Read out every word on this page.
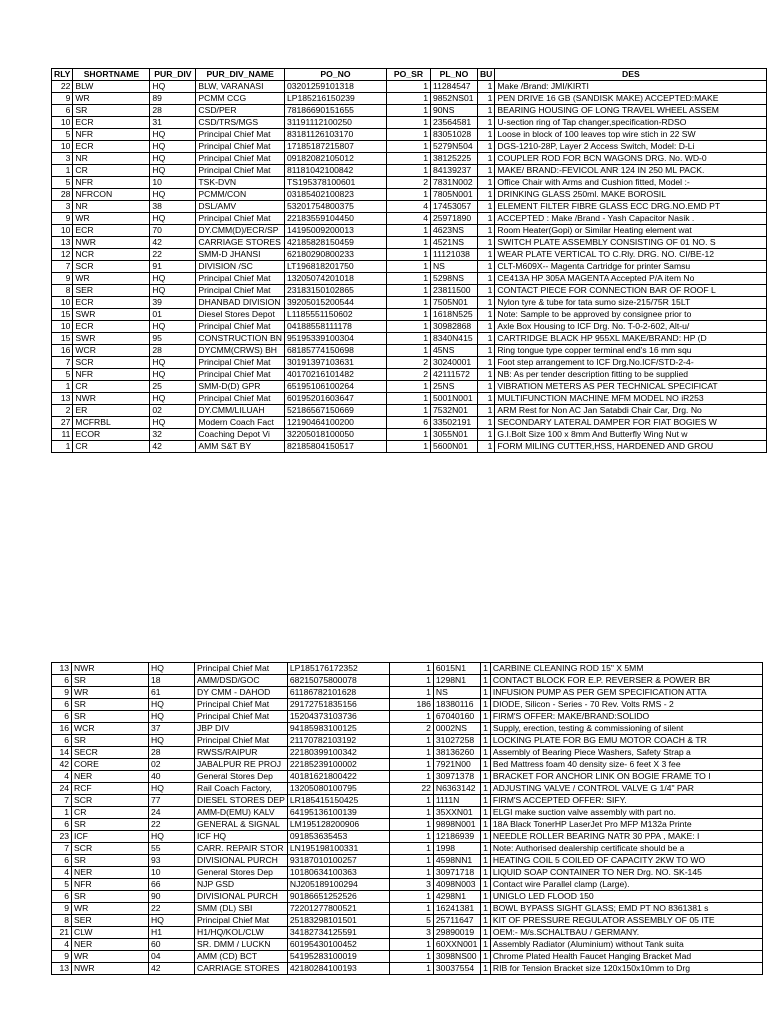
RLY	SHORTNAME	PUR_DIV	PUR_DIV_NAME	PO_NO	PO_SR	PL_NO	BU	DES
22	BLW	HQ	BLW, VARANASI	03201259101318	1	11284547	1	Make /Brand: JMI/KIRTI
9	WR	89	PCMM CCG	LP185216150239	1	9852NS01	1	PEN DRIVE 16 GB (SANDISK MAKE) ACCEPTED:MAKE
6	SR	28	CSD/PER	78186690151655	1	90NS	1	BEARING HOUSING OF LONG TRAVEL WHEEL ASSEM
10	ECR	31	CSD/TRS/MGS	31191112100250	1	23564581	1	U-section ring of Tap changer,specification-RDSO
5	NFR	HQ	Principal Chief Mat	83181126103170	1	83051028	1	Loose in block of 100 leaves top wire stich in 22 SW
10	ECR	HQ	Principal Chief Mat	17185187215807	1	5279N504	1	DGS-1210-28P, Layer 2 Access Switch, Model: D-Li
3	NR	HQ	Principal Chief Mat	09182082105012	1	38125225	1	COUPLER ROD FOR BCN WAGONS DRG. No. WD-0
1	CR	HQ	Principal Chief Mat	81181042100842	1	84139237	1	MAKE/ BRAND:-FEVICOL ANR 124 IN 250 ML PACK.
5	NFR	10	TSK-DVN	TS195378100601	2	7831N002	1	Office Chair with Arms and Cushion fitted, Model :-
28	NFRCON	HQ	PCMM/CON	03185402100823	1	7805N001	1	DRINKING GLASS 250ml. MAKE BOROSIL
3	NR	38	DSL/AMV	53201754800375	4	17453057	1	ELEMENT FILTER FIBRE GLASS ECC DRG.NO.EMD PT
9	WR	HQ	Principal Chief Mat	22183559104450	4	25971890	1	ACCEPTED : Make /Brand - Yash Capacitor Nasik .
10	ECR	70	DY.CMM(D)/ECR/SP	14195009200013	1	4623NS	1	Room Heater(Gopi) or Similar Heating element wat
13	NWR	42	CARRIAGE STORES	42185828150459	1	4521NS	1	SWITCH PLATE ASSEMBLY CONSISTING OF 01 NO. S
12	NCR	22	SMM-D JHANSI	62180290800233	1	11121038	1	WEAR PLATE VERTICAL TO C.Rly. DRG. NO. CI/BE-12
7	SCR	91	DIVISION /SC	LT196818201750	1	NS	1	CLT-M609X-- Magenta Cartridge for printer Samsu
9	WR	HQ	Principal Chief Mat	13205074201018	1	5298NS	1	CE413A HP 305A MAGENTA Accepted P/A item No
8	SER	HQ	Principal Chief Mat	23183150102865	1	23811500	1	CONTACT PIECE FOR CONNECTION BAR OF ROOF L
10	ECR	39	DHANBAD DIVISION	39205015200544	1	7505N01	1	Nylon tyre & tube for tata sumo size-215/75R 15LT
15	SWR	01	Diesel Stores Depot	L1185551150602	1	1618N525	1	Note: Sample to be approved by consignee prior to
10	ECR	HQ	Principal Chief Mat	04188558111178	1	30982868	1	Axle Box Housing to ICF Drg. No. T-0-2-602, Alt-u/
15	SWR	95	CONSTRUCTION BN	95195339100304	1	8340N415	1	CARTRIDGE BLACK HP 955XL MAKE/BRAND: HP (D
16	WCR	28	DYCMM(CRWS) BH	68185774150698	1	45NS	1	Ring tongue type copper terminal end's 16 mm squ
7	SCR	HQ	Principal Chief Mat	30191397103631	2	30240001	1	Foot step arrangement to ICF Drg.No.ICF/STD-2-4-
5	NFR	HQ	Principal Chief Mat	40170216101482	2	42111572	1	NB: As per tender description fitting to be supplied
1	CR	25	SMM-D(D) GPR	65195106100264	1	25NS	1	VIBRATION METERS AS PER TECHNICAL SPECIFICAT
13	NWR	HQ	Principal Chief Mat	60195201603647	1	5001N001	1	MULTIFUNCTION MACHINE MFM MODEL NO iR253
2	ER	02	DY.CMM/LILUAH	52186567150669	1	7532N01	1	ARM Rest for Non AC Jan Satabdi Chair Car, Drg. No
27	MCFRBL	HQ	Modern Coach Fact	12190464100200	6	33502191	1	SECONDARY LATERAL DAMPER FOR FIAT BOGIES W
11	ECOR	32	Coaching Depot Vi	32205018100050	1	3055N01	1	G.I.Bolt Size 100 x 8mm And Butterfly Wing Nut w
1	CR	42	AMM S&T BY	82185804150517	1	5600N01	1	FORM MILING CUTTER,HSS, HARDENED AND GROU
13	NWR	HQ	Principal Chief Mat	LP185176172352	1	6015N1	1	CARBINE CLEANING ROD 15" X 5MM
6	SR	18	AMM/DSD/GOC	68215075800078	1	1298N1	1	CONTACT BLOCK FOR E.P. REVERSER & POWER BR
9	WR	61	DY CMM - DAHOD	61186782101628	1	NS	1	INFUSION PUMP AS PER GEM SPECIFICATION ATTA
6	SR	HQ	Principal Chief Mat	29172751835156	186	18380116	1	DIODE, Silicon - Series - 70 Rev. Volts RMS - 2
6	SR	HQ	Principal Chief Mat	15204373103736	1	67040160	1	FIRM'S OFFER: MAKE/BRAND:SOLIDO
16	WCR	37	JBP DIV	94185983100125	2	0002NS	1	Supply, erection, testing & commissioning of silent
6	SR	HQ	Principal Chief Mat	21170782103192	1	31027258	1	LOCKING PLATE FOR BG EMU MOTOR COACH & TR
14	SECR	28	RWSS/RAIPUR	22180399100342	1	38136260	1	Assembly of Bearing Piece Washers, Safety Strap a
42	CORE	02	JABALPUR RE PROJ	22185239100002	1	7921N00	1	Bed Mattress foam 40 density size- 6 feet X 3 fee
4	NER	40	General Stores Dep	40181621800422	1	30971378	1	BRACKET FOR ANCHOR LINK ON BOGIE FRAME TO I
24	RCF	HQ	Rail Coach Factory,	13205080100795	22	N6363142	1	ADJUSTING VALVE / CONTROL VALVE G 1/4" PAR
7	SCR	77	DIESEL STORES DEP	LR185415150425	1	1111N	1	FIRM'S ACCEPTED OFFER: SIFY.
1	CR	24	AMM-D(EMU) KALV	64195136100139	1	35XXN01	1	ELGI make suction valve assembly with part no.
6	SR	22	GENERAL & SIGNAL	LM195128200906	1	9898N001	1	18A Black TonerHP LaserJet Pro MFP M132a Printe
23	ICF	HQ	ICF HQ	091853635453	1	12186939	1	NEEDLE ROLLER BEARING NATR 30 PPA , MAKE: I
7	SCR	55	CARR. REPAIR STOR	LN195198100331	1	1998	1	Note: Authorised dealership certificate should be a
6	SR	93	DIVISIONAL PURCH	93187010100257	1	4598NN1	1	HEATING COIL 5 COILED OF CAPACITY 2KW TO WO
4	NER	10	General Stores Dep	10180634100363	1	30971718	1	LIQUID SOAP CONTAINER TO NER Drg. NO. SK-145
5	NFR	66	NJP GSD	NJ205189100294	3	4098N003	1	Contact wire Parallel clamp (Large).
6	SR	90	DIVISIONAL PURCH	90186651252526	1	4298N1	1	UNIGLO LED FLOOD 150
9	WR	22	SMM (DL) SBI	72201277800521	1	16241381	1	BOWL BYPASS SIGHT GLASS; EMD PT NO 8361381 s
8	SER	HQ	Principal Chief Mat	25183298101501	5	25711647	1	KIT OF PRESSURE REGULATOR ASSEMBLY OF 05 ITE
21	CLW	H1	H1/HQ/KOL/CLW	34182734125591	3	29890019	1	OEM:- M/s.SCHALTBAU / GERMANY.
4	NER	60	SR. DMM / LUCKN	60195430100452	1	60XXN001	1	Assembly Radiator (Aluminium) without Tank suita
9	WR	04	AMM (CD) BCT	54195283100019	1	3098NS00	1	Chrome Plated Health Faucet Hanging Bracket Mad
13	NWR	42	CARRIAGE STORES	42180284100193	1	30037554	1	RIB for Tension Bracket size 120x150x10mm to Drg
